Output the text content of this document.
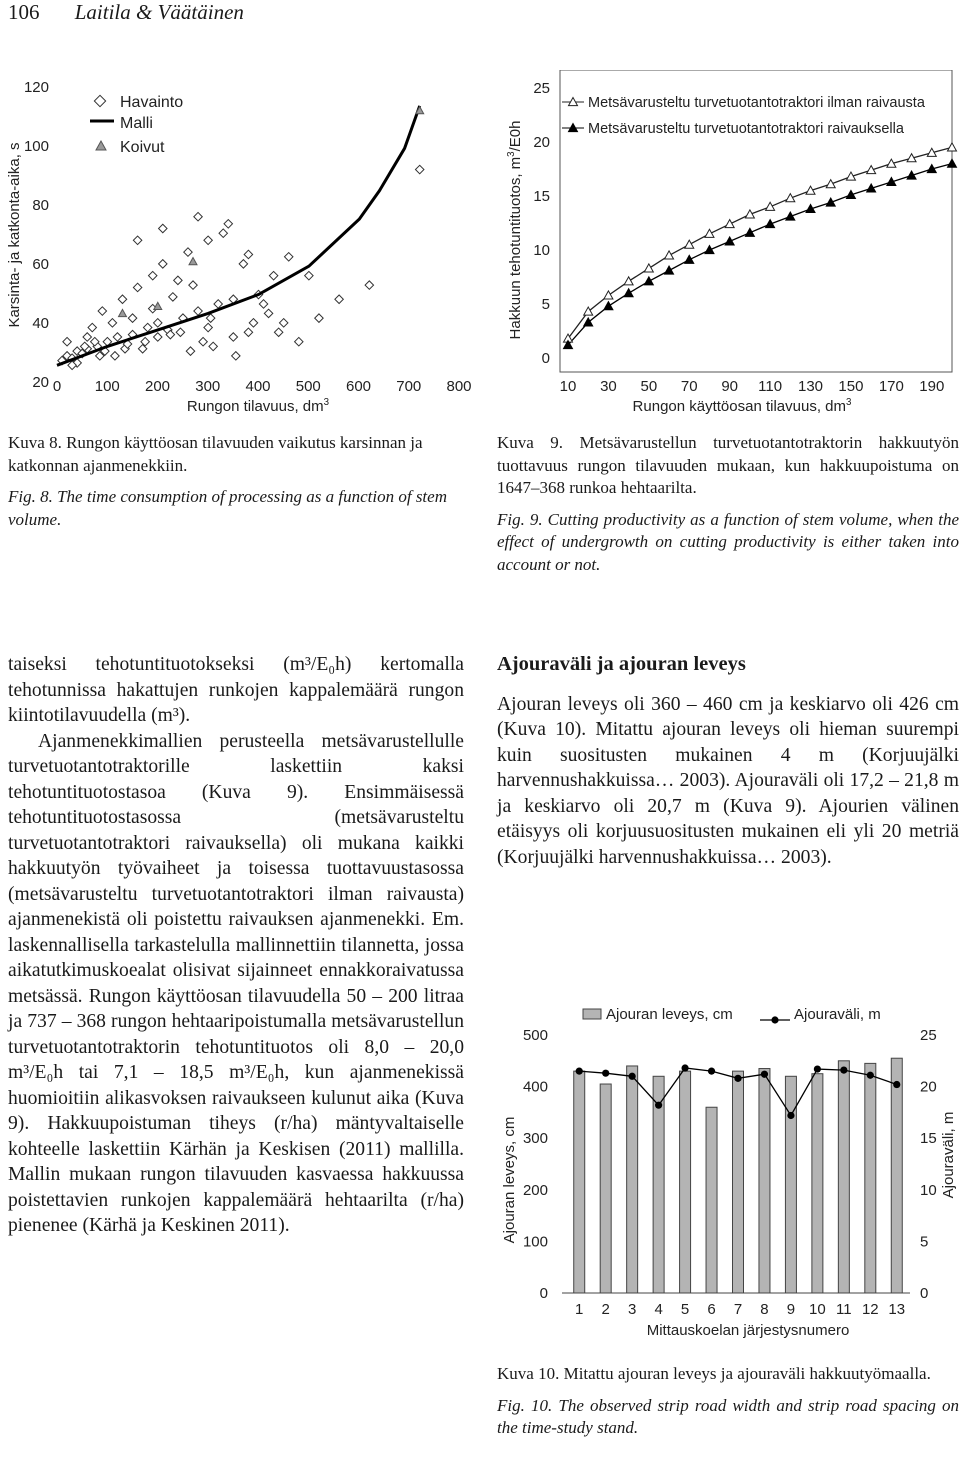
106 Laitila & Väätäinen
20
40
60
80
100
120
0 100 200 300 400 500 600 700 800
Rungon tilavuus, $dm^3$
Karsinta- ja katkonta-aika, s
Havainto
Malli
Koivut
0
5
10
15
20
25
10 30 50 70 90 110 130 150 170 190
Rungon käyttöosan tilavuus, $dm^3$
Hakkuun tehotuntituotos, $m^3/E0h$
Metsävarusteltu turvetuotantotraktori ilman raivausta
Metsävarusteltu turvetuotantotraktori raivauksella
0
100
200
300
400
500
0
5
10
15
20
25
1 2 3 4 5 6 7 8 9 10 11 12 13
Mittauskoelan järjestysnumero
Ajouran leveys, cm	Ajouraväli, m
Ajouran leveys, cm	Ajouraväli, m

Kuva 8. Rungon käyttöosan tilavuuden vaikutus karsinnan ja katkonnan ajanmenekkiin.

Fig. 8. The time consumption of processing as a function of stem volume.

Kuva 9. Metsävarustellun turvetuotantotraktorin hakkuutyön tuottavuus rungon tilavuuden mukaan, kun hakkuupoistuma on 1647–368 runkoa hehtaarilta.

Fig. 9. Cutting productivity as a function of stem volume, when the effect of undergrowth on cutting productivity is either taken into account or not.

taiseksi tehotuntituotokseksi (m³/E₀h) kertomalla tehotunnissa hakattujen runkojen kappalemäärä rungon kiintotilavuudella (m³).

Ajanmenekkimallien perusteella metsävarustellulle turvetuotantotraktorille laskettiin kaksi tehotuntituotostasoa (Kuva 9). Ensimmäisessä tehotuntituotostasossa (metsävarusteltu turvetuotantotraktori raivauksella) oli mukana kaikki hakkuutyön työvaiheet ja toisessa tuottavuustasossa (metsävarusteltu turvetuotantotraktori ilman raivausta) ajanmenekistä oli poistettu raivauksen ajanmenekki. Em. laskennallisella tarkastelulla mallinnettiin tilannetta, jossa aikatutkimuskoealat olisivat sijainneet ennakkoraivatussa metsässä. Rungon käyttöosan tilavuudella 50 – 200 litraa ja 737 – 368 rungon hehtaaripoistumalla metsävarustellun turvetuotantotraktorin tehotuntituotos oli 8,0 – 20,0 m³/E₀h tai 7,1 – 18,5 m³/E₀h, kun ajanmenekissä huomioitiin alikasvoksen raivaukseen kulunut aika (Kuva 9). Hakkuupoistuman tiheys (r/ha) mäntyvaltaiselle kohteelle laskettiin Kärhän ja Keskisen (2011) mallilla. Mallin mukaan rungon tilavuuden kasvaessa hakkuussa poistettavien runkojen kappalemäärä hehtaarilta (r/ha) pienenee (Kärhä ja Keskinen 2011).

Ajouraväli ja ajouran leveys

Ajouran leveys oli 360 – 460 cm ja keskiarvo oli 426 cm (Kuva 10). Mitattu ajouran leveys oli hieman suurempi kuin suositusten mukainen 4 m (Korjuujälki harvennushakkuissa… 2003). Ajouraväli oli 17,2 – 21,8 m ja keskiarvo oli 20,7 m (Kuva 9). Ajourien välinen etäisyys oli korjuusuositusten mukainen eli yli 20 metriä (Korjuujälki harvennushakkuissa… 2003).

Kuva 10. Mitattu ajouran leveys ja ajouraväli hakkuutyömaalla.

Fig. 10. The observed strip road width and strip road spacing on the time-study stand.
